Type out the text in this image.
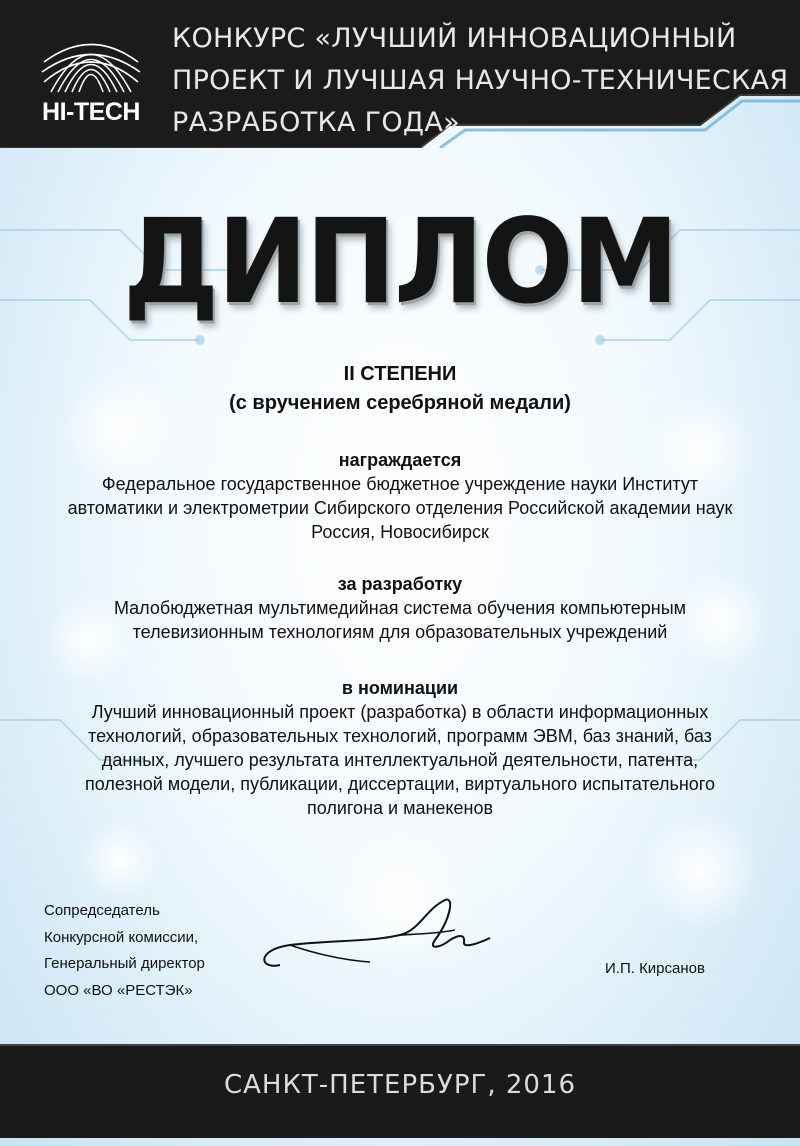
HI-TECH
КОНКУРС «ЛУЧШИЙ ИННОВАЦИОННЫЙ
ПРОЕКТ И ЛУЧШАЯ НАУЧНО-ТЕХНИЧЕСКАЯ
РАЗРАБОТКА ГОДА»
ДИПЛОМ
II СТЕПЕНИ
(с вручением серебряной медали)
награждается
Федеральное государственное бюджетное учреждение науки Институт
автоматики и электрометрии Сибирского отделения Российской академии наук
Россия, Новосибирск
за разработку
Малобюджетная мультимедийная система обучения компьютерным
телевизионным технологиям для образовательных учреждений
в номинации
Лучший инновационный проект (разработка) в области информационных
технологий, образовательных технологий, программ ЭВМ, баз знаний, баз
данных, лучшего результата интеллектуальной деятельности, патента,
полезной модели, публикации, диссертации, виртуального испытательного
полигона и манекенов
Сопредседатель
Конкурсной комиссии,
Генеральный директор
ООО «ВО «РЕСТЭК»
И.П. Кирсанов
САНКТ-ПЕТЕРБУРГ, 2016
